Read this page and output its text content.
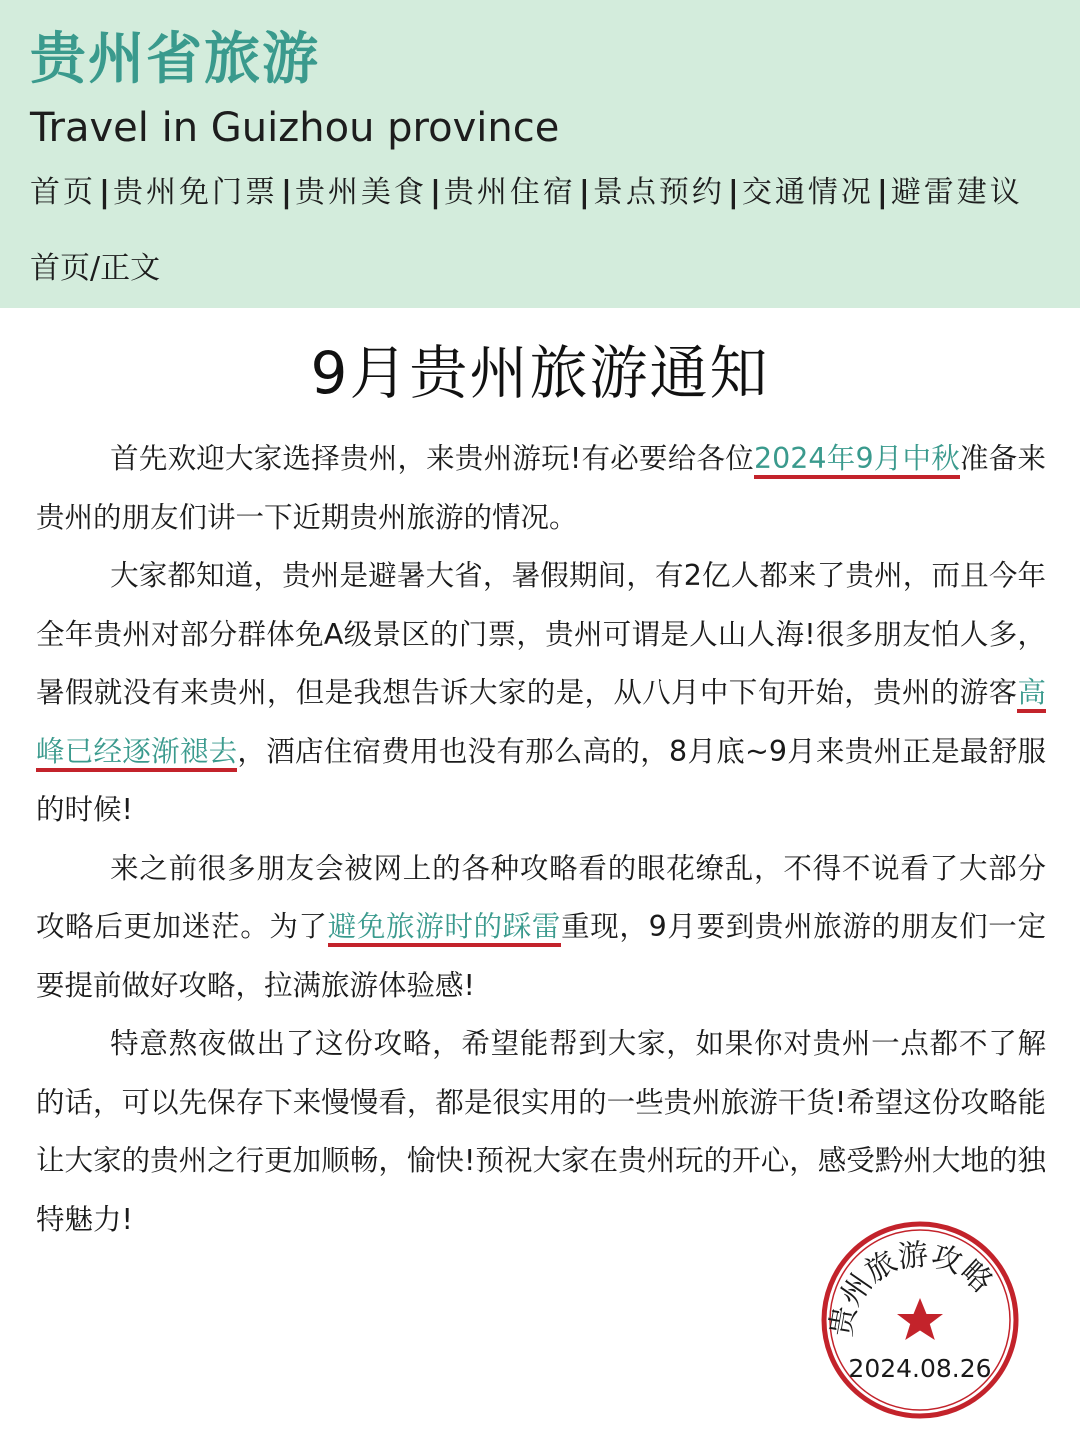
贵州省旅游
Travel in Guizhou province
首页 | 贵州免门票 | 贵州美食 | 贵州住宿 | 景点预约 | 交通情况 | 避雷建议
首页/正文
9月贵州旅游通知

首先欢迎大家选择贵州，来贵州游玩!有必要给各位2024年9月中秋准备来贵州的朋友们讲一下近期贵州旅游的情况。

大家都知道，贵州是避暑大省，暑假期间，有2亿人都来了贵州，而且今年全年贵州对部分群体免A级景区的门票，贵州可谓是人山人海!很多朋友怕人多，暑假就没有来贵州，但是我想告诉大家的是，从八月中下旬开始，贵州的游客高峰已经逐渐褪去，酒店住宿费用也没有那么高的，8月底~9月来贵州正是最舒服的时候!

来之前很多朋友会被网上的各种攻略看的眼花缭乱，不得不说看了大部分攻略后更加迷茫。为了避免旅游时的踩雷重现，9月要到贵州旅游的朋友们一定要提前做好攻略，拉满旅游体验感!

特意熬夜做出了这份攻略，希望能帮到大家，如果你对贵州一点都不了解的话，可以先保存下来慢慢看，都是很实用的一些贵州旅游干货!希望这份攻略能让大家的贵州之行更加顺畅，愉快!预祝大家在贵州玩的开心，感受黔州大地的独特魅力!

贵州旅游攻略
2024.08.26
